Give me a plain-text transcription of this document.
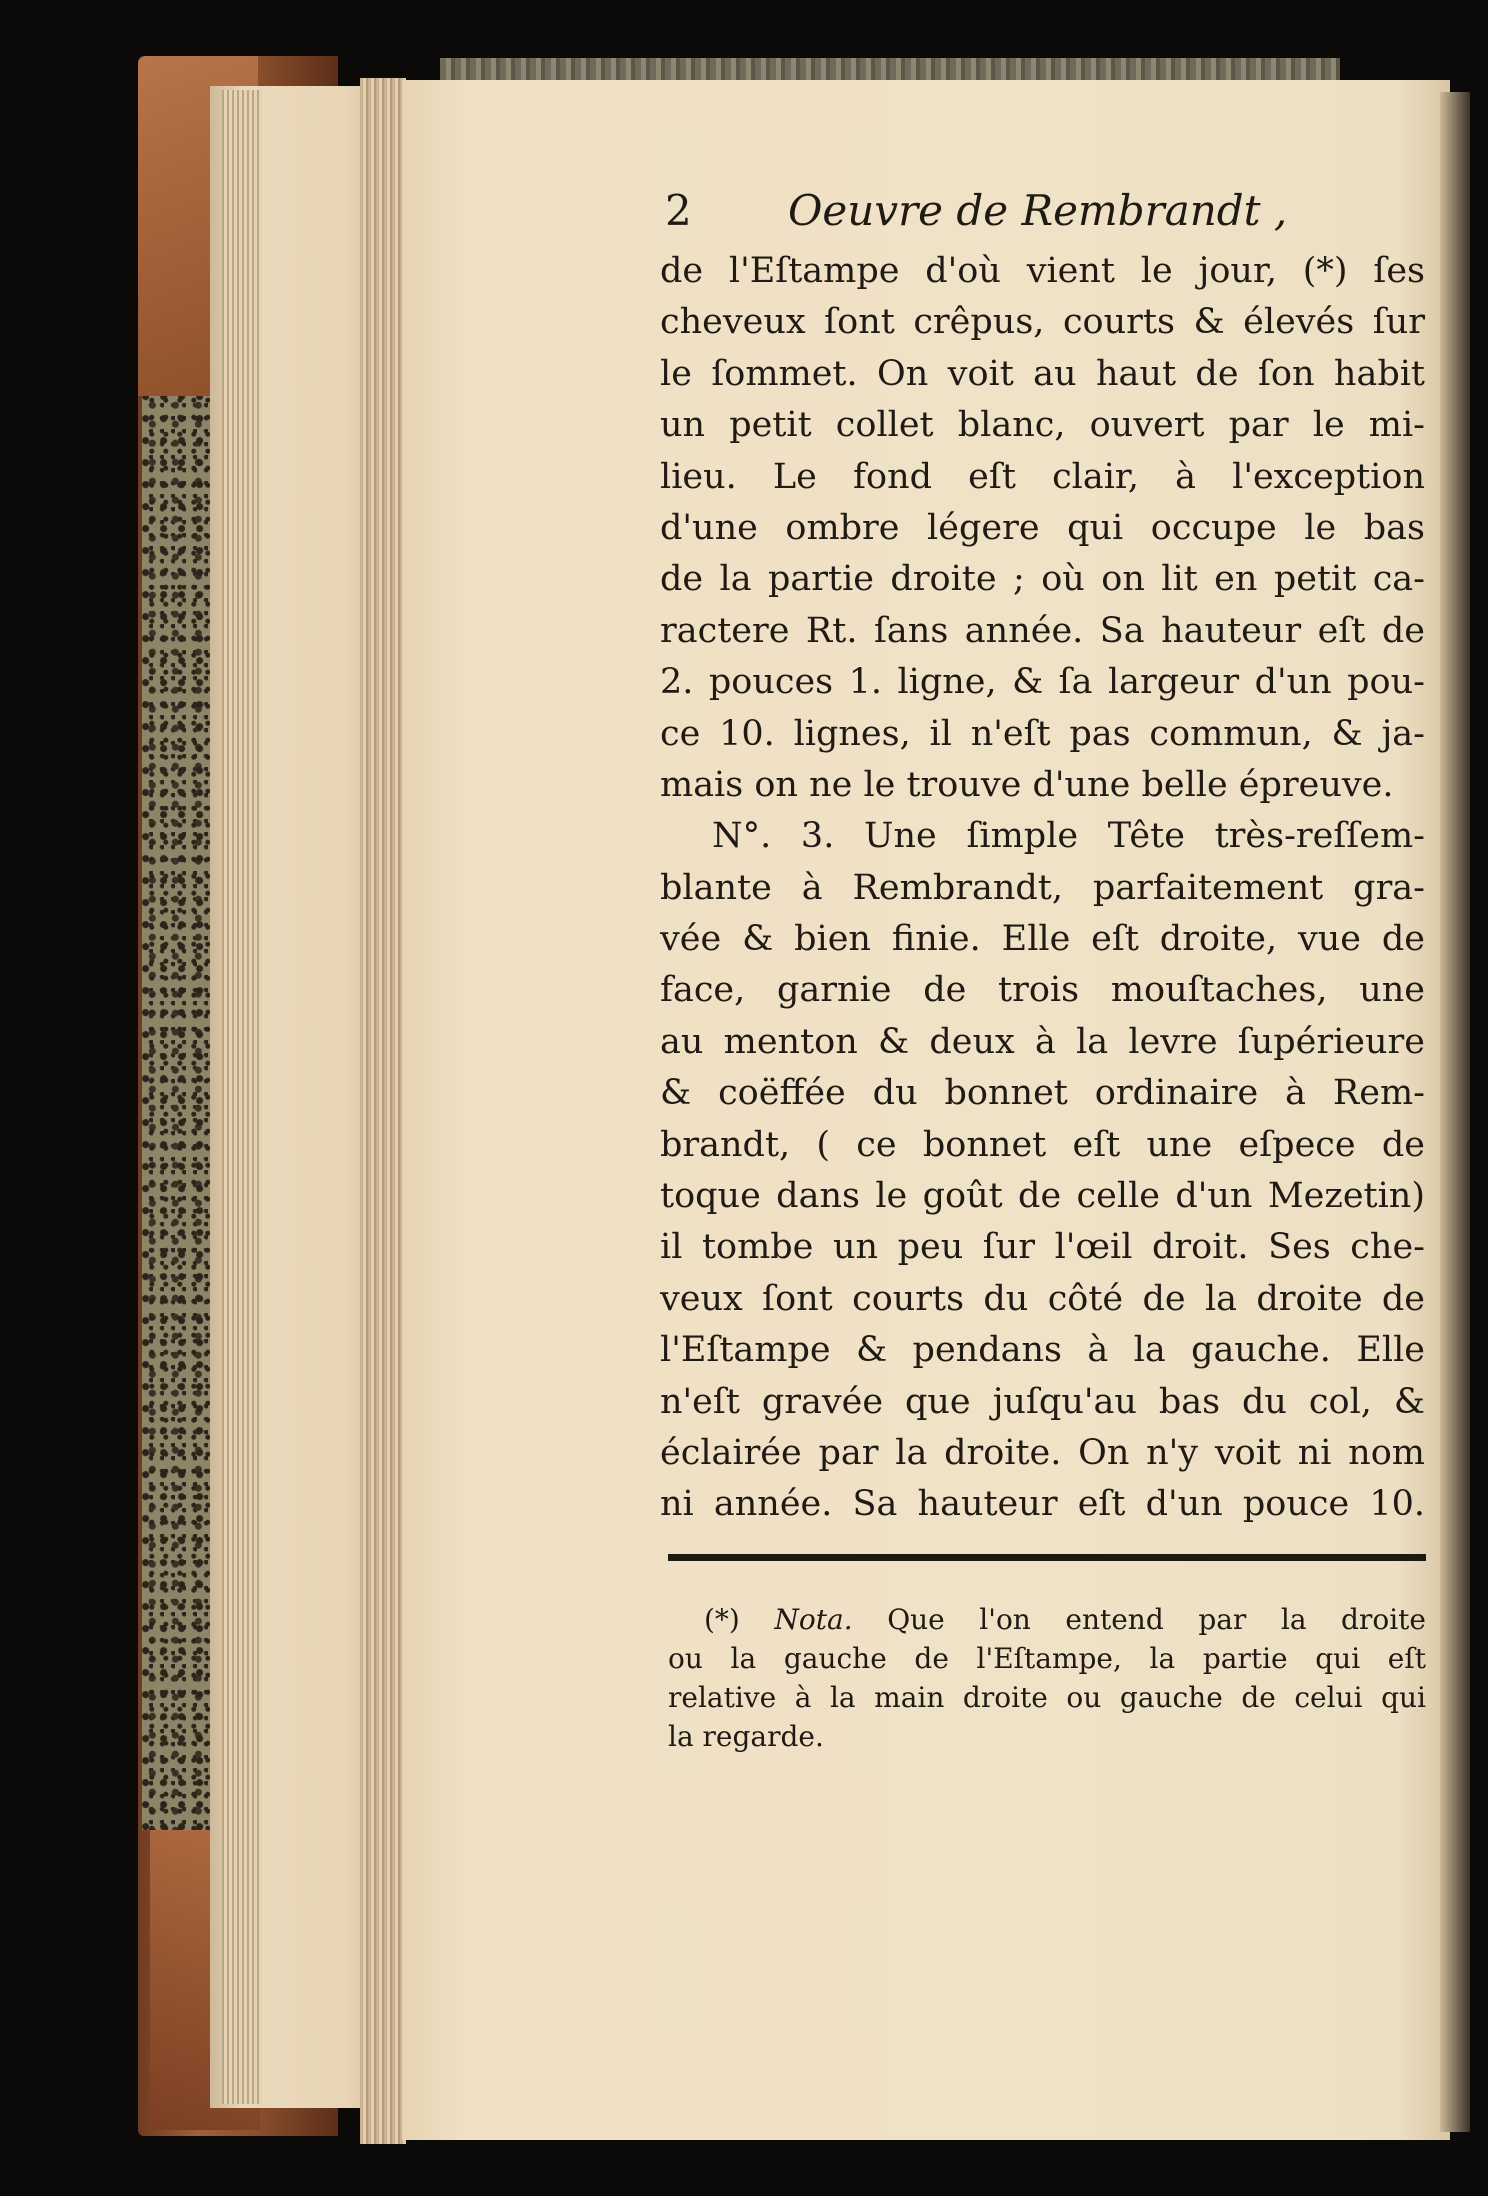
2 Oeuvre de Rembrandt ,
de l'Eſtampe d'où vient le jour, (*) ſes
cheveux ſont crêpus, courts & élevés ſur
le ſommet. On voit au haut de ſon habit
un petit collet blanc, ouvert par le mi-
lieu. Le fond eſt clair, à l'exception
d'une ombre légere qui occupe le bas
de la partie droite ; où on lit en petit ca-
ractere Rt. ſans année. Sa hauteur eſt de
2. pouces 1. ligne, & ſa largeur d'un pou-
ce 10. lignes, il n'eſt pas commun, & ja-
mais on ne le trouve d'une belle épreuve.
N°. 3. Une ſimple Tête très-reſſem-
blante à Rembrandt, parfaitement gra-
vée & bien finie. Elle eſt droite, vue de
face, garnie de trois mouſtaches, une
au menton & deux à la levre ſupérieure
& coëffée du bonnet ordinaire à Rem-
brandt, ( ce bonnet eſt une eſpece de
toque dans le goût de celle d'un Mezetin)
il tombe un peu ſur l'œil droit. Ses che-
veux ſont courts du côté de la droite de
l'Eſtampe & pendans à la gauche. Elle
n'eſt gravée que juſqu'au bas du col, &
éclairée par la droite. On n'y voit ni nom
ni année. Sa hauteur eſt d'un pouce 10.
(*) Nota. Que l'on entend par la droite
ou la gauche de l'Eſtampe, la partie qui eſt
relative à la main droite ou gauche de celui qui
la regarde.
